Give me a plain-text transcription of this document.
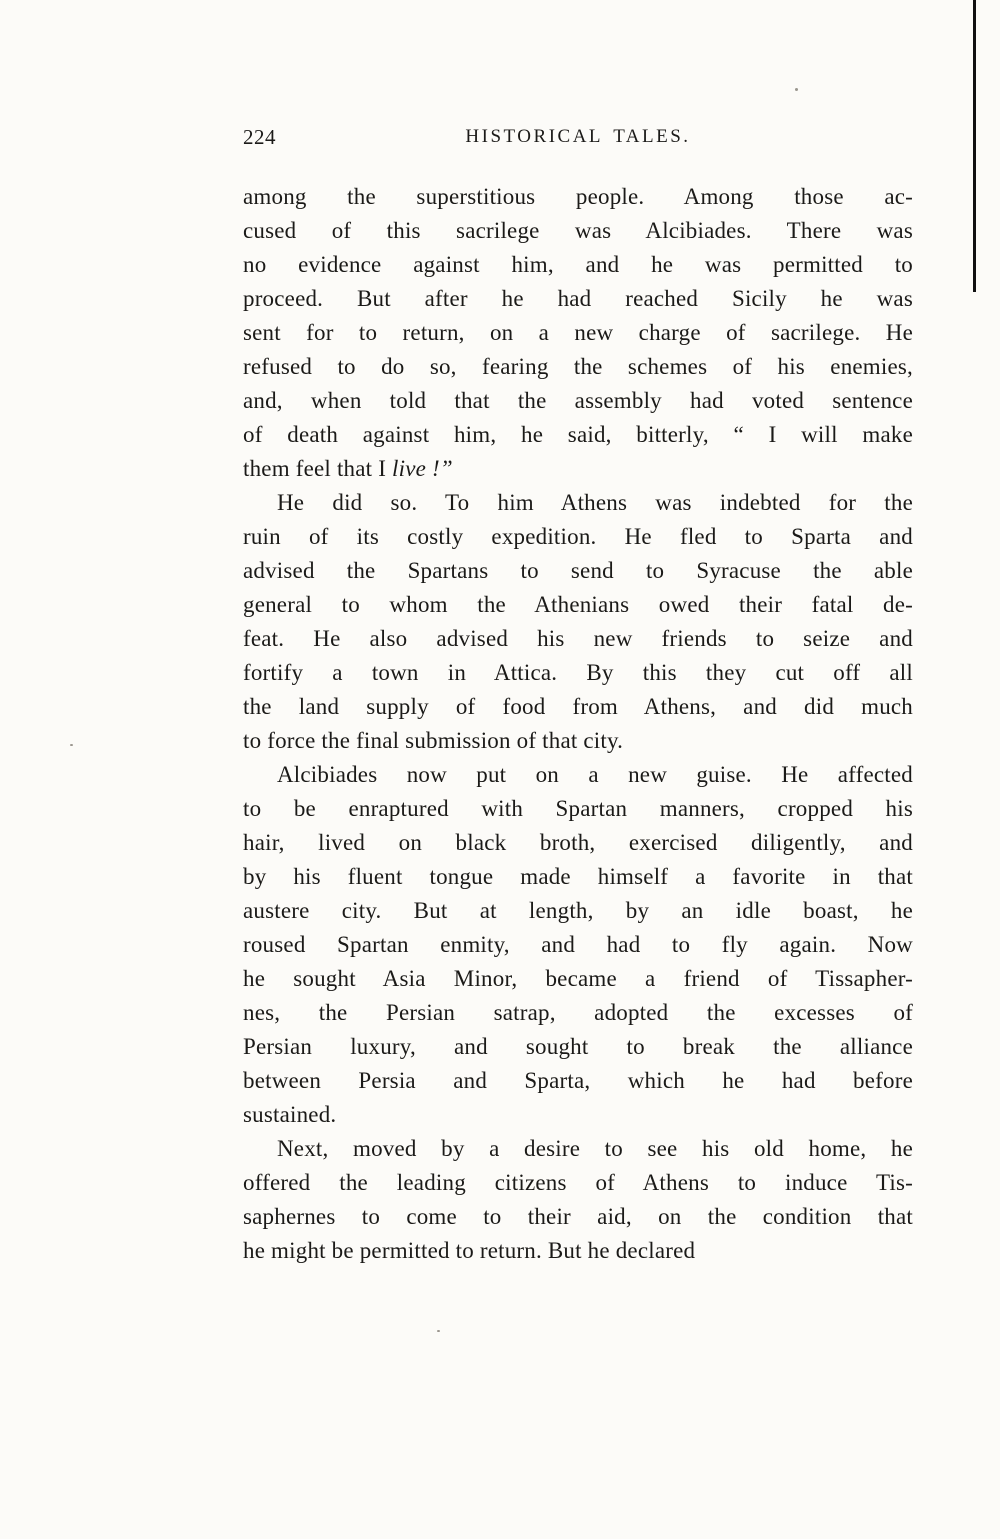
224	HISTORICAL TALES.
among the superstitious people. Among those ac-
cused of this sacrilege was Alcibiades. There was
no evidence against him, and he was permitted to
proceed. But after he had reached Sicily he was
sent for to return, on a new charge of sacrilege. He
refused to do so, fearing the schemes of his enemies,
and, when told that the assembly had voted sentence
of death against him, he said, bitterly, “ I will make
them feel that I live !”
He did so. To him Athens was indebted for the
ruin of its costly expedition. He fled to Sparta and
advised the Spartans to send to Syracuse the able
general to whom the Athenians owed their fatal de-
feat. He also advised his new friends to seize and
fortify a town in Attica. By this they cut off all
the land supply of food from Athens, and did much
to force the final submission of that city.
Alcibiades now put on a new guise. He affected
to be enraptured with Spartan manners, cropped his
hair, lived on black broth, exercised diligently, and
by his fluent tongue made himself a favorite in that
austere city. But at length, by an idle boast, he
roused Spartan enmity, and had to fly again. Now
he sought Asia Minor, became a friend of Tissapher-
nes, the Persian satrap, adopted the excesses of
Persian luxury, and sought to break the alliance
between Persia and Sparta, which he had before
sustained.
Next, moved by a desire to see his old home, he
offered the leading citizens of Athens to induce Tis-
saphernes to come to their aid, on the condition that
he might be permitted to return. But he declared
